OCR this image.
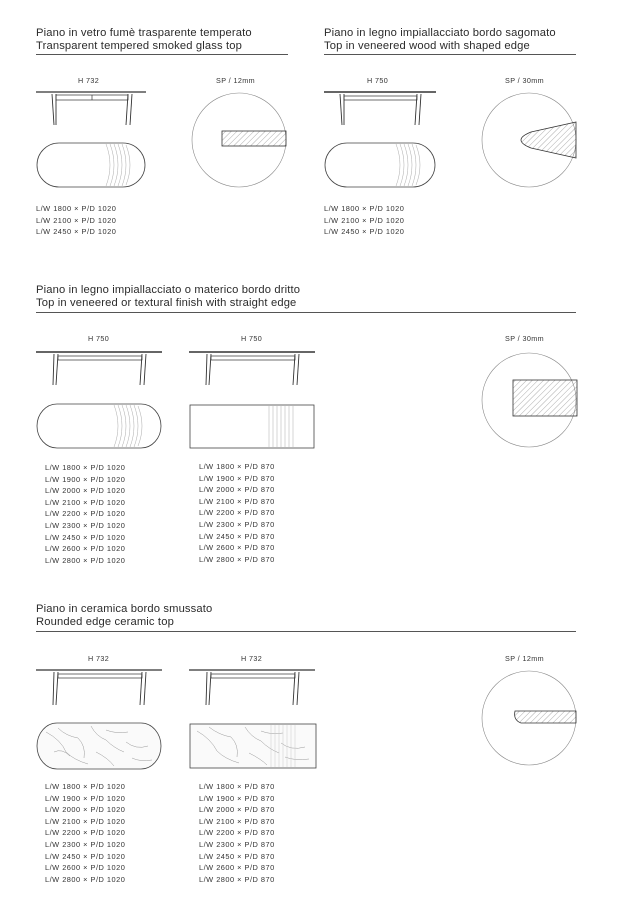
Piano in vetro fumè trasparente temperato
Transparent tempered smoked glass top
H 732
L/W 1800 × P/D 1020
L/W 2100 × P/D 1020
L/W 2450 × P/D 1020
SP / 12mm
Piano in legno impiallacciato bordo sagomato
Top in veneered wood with shaped edge
H 750
L/W 1800 × P/D 1020
L/W 2100 × P/D 1020
L/W 2450 × P/D 1020
SP / 30mm
Piano in legno impiallacciato o materico bordo dritto
Top in veneered or textural finish with straight edge
H 750
L/W 1800 × P/D 1020
L/W 1900 × P/D 1020
L/W 2000 × P/D 1020
L/W 2100 × P/D 1020
L/W 2200 × P/D 1020
L/W 2300 × P/D 1020
L/W 2450 × P/D 1020
L/W 2600 × P/D 1020
L/W 2800 × P/D 1020
H 750
L/W 1800 × P/D 870
L/W 1900 × P/D 870
L/W 2000 × P/D 870
L/W 2100 × P/D 870
L/W 2200 × P/D 870
L/W 2300 × P/D 870
L/W 2450 × P/D 870
L/W 2600 × P/D 870
L/W 2800 × P/D 870
SP / 30mm
Piano in ceramica bordo smussato
Rounded edge ceramic top
H 732
L/W 1800 × P/D 1020
L/W 1900 × P/D 1020
L/W 2000 × P/D 1020
L/W 2100 × P/D 1020
L/W 2200 × P/D 1020
L/W 2300 × P/D 1020
L/W 2450 × P/D 1020
L/W 2600 × P/D 1020
L/W 2800 × P/D 1020
H 732
L/W 1800 × P/D 870
L/W 1900 × P/D 870
L/W 2000 × P/D 870
L/W 2100 × P/D 870
L/W 2200 × P/D 870
L/W 2300 × P/D 870
L/W 2450 × P/D 870
L/W 2600 × P/D 870
L/W 2800 × P/D 870
SP / 12mm
